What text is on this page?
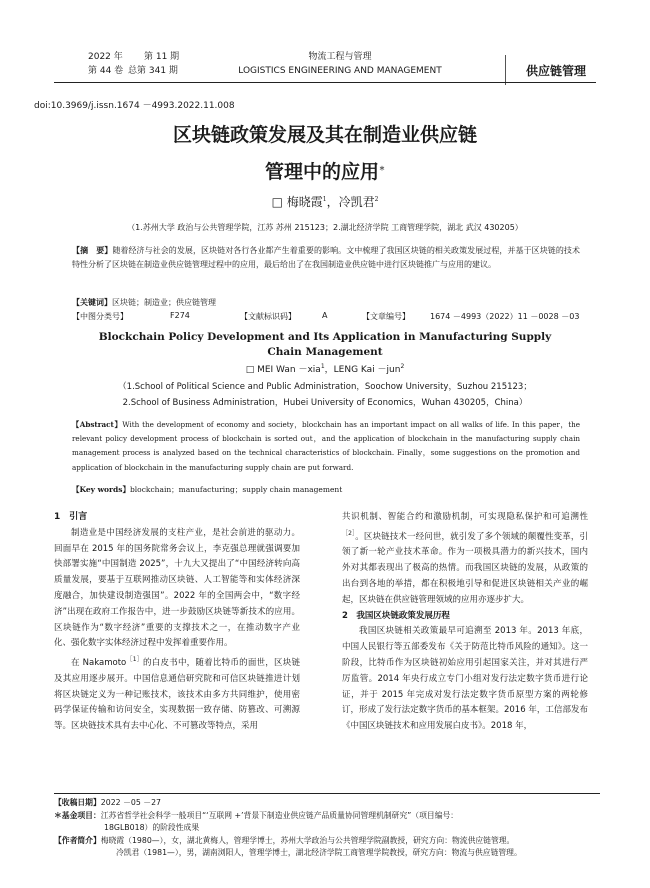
2022 年 第 11 期
第 44 卷 总第 341 期
物流工程与管理
LOGISTICS ENGINEERING AND MANAGEMENT	供应链管理
doi:10.3969/j.issn.1674 －4993.2022.11.008
区块链政策发展及其在制造业供应链
管理中的应用＊
□ 梅晓霞$^1$，冷凯君$^2$
（1.苏州大学 政治与公共管理学院，江苏 苏州 215123；2.湖北经济学院 工商管理学院，湖北 武汉 430205）
【摘　要】随着经济与社会的发展，区块链对各行各业都产生着重要的影响。文中梳理了我国区块链的相关政策发展过程，并基于区块链的技术特性分析了区块链在制造业供应链管理过程中的应用，最后给出了在我国制造业供应链中进行区块链推广与应用的建议。
【关键词】区块链；制造业；供应链管理
【中图分类号】	F274	【文献标识码】	A	【文章编号】	1674 －4993（2022）11 －0028 －03
Blockchain Policy Development and Its Application in Manufacturing Supply
Chain Management
□ MEI Wan －xia$^1$，LENG Kai －jun$^2$
（1.School of Political Science and Public Administration，Soochow University，Suzhou 215123；
2.School of Business Administration，Hubei University of Economics，Wuhan 430205，China）
【Abstract】With the development of economy and society，blockchain has an important impact on all walks of life. In this paper，the relevant policy development process of blockchain is sorted out，and the application of blockchain in the manufacturing supply chain management process is analyzed based on the technical characteristics of blockchain. Finally，some suggestions on the promotion and application of blockchain in the manufacturing supply chain are put forward.
【Key words】blockchain；manufacturing；supply chain management
1　引言

制造业是中国经济发展的支柱产业，是社会前进的驱动力。回面早在 2015 年的国务院常务会议上，李克强总理就强调要加快部署实施“中国制造 2025”，十九大又提出了“中国经济转向高质量发展，要基于互联网推动区块链、人工智能等和实体经济深度融合，加快建设制造强国”。2022 年的全国两会中，“数字经济”出现在政府工作报告中，进一步鼓励区块链等新技术的应用。区块链作为“数字经济”重要的支撑技术之一，在推动数字产业化、强化数字实体经济过程中发挥着重要作用。

在 Nakamoto$^{[1]}$的白皮书中，随着比特币的面世，区块链及其应用逐步展开。中国信息通信研究院和可信区块链推进计划将区块链定义为一种记账技术，该技术由多方共同维护，使用密码学保证传输和访问安全，实现数据一致存储、防篡改、可溯源等。区块链技术具有去中心化、不可篡改等特点，采用

共识机制、智能合约和激励机制，可实现隐私保护和可追溯性$^{[2]}$。区块链技术一经问世，就引发了多个领域的颠覆性变革，引领了新一轮产业技术革命。作为一项极具潜力的新兴技术，国内外对其都表现出了极高的热情。而我国区块链的发展，从政策的出台到各地的举措，都在积极地引导和促进区块链相关产业的崛起，区块链在供应链管理领域的应用亦逐步扩大。

2　我国区块链政策发展历程

我国区块链相关政策最早可追溯至 2013 年。2013 年底，中国人民银行等五部委发布《关于防范比特币风险的通知》。这一阶段，比特币作为区块链初始应用引起国家关注，并对其进行严厉监管。2014 年央行成立专门小组对发行法定数字货币进行论证，并于 2015 年完成对发行法定数字货币原型方案的两轮修订，形成了发行法定数字货币的基本框架。2016 年，工信部发布《中国区块链技术和应用发展白皮书》。2018 年，

【收稿日期】2022 －05 －27
＊基金项目：江苏省哲学社会科学一般项目“‘互联网 +’背景下制造业供应链产品质量协同管理机制研究”（项目编号：
18GLB018）的阶段性成果
【作者简介】梅晓霞（1980—），女，湖北黄梅人，管理学博士，苏州大学政治与公共管理学院副教授，研究方向：物流供应链管理。
冷凯君（1981—），男，湖南浏阳人，管理学博士，湖北经济学院工商管理学院教授，研究方向：物流与供应链管理。
